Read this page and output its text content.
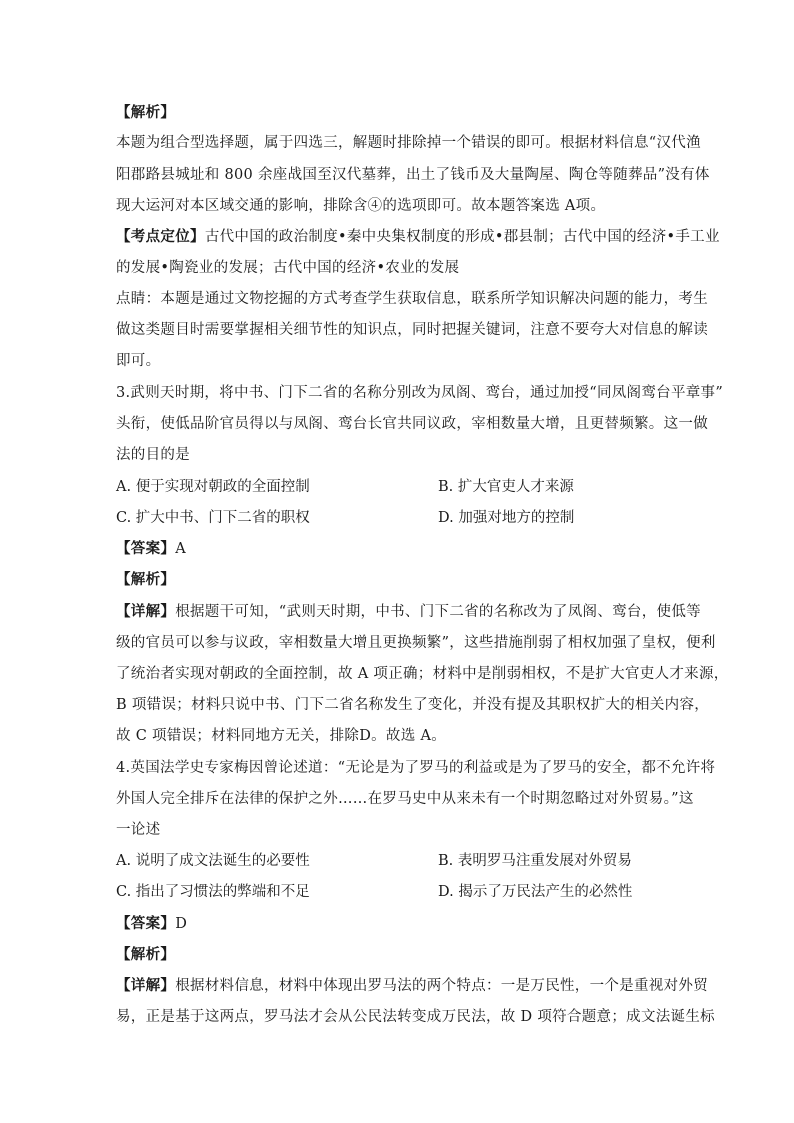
【解析】
本题为组合型选择题，属于四选三，解题时排除掉一个错误的即可。根据材料信息“汉代渔
阳郡路县城址和 800 余座战国至汉代墓葬，出土了钱币及大量陶屋、陶仓等随葬品”没有体
现大运河对本区域交通的影响，排除含④的选项即可。故本题答案选 A项。
【考点定位】古代中国的政治制度•秦中央集权制度的形成•郡县制；古代中国的经济•手工业
的发展•陶瓷业的发展；古代中国的经济•农业的发展
点睛：本题是通过文物挖掘的方式考查学生获取信息，联系所学知识解决问题的能力，考生
做这类题目时需要掌握相关细节性的知识点，同时把握关键词，注意不要夸大对信息的解读
即可。
3.武则天时期，将中书、门下二省的名称分别改为凤阁、鸾台，通过加授“同凤阁鸾台平章事”
头衔，使低品阶官员得以与凤阁、鸾台长官共同议政，宰相数量大增，且更替频繁。这一做
法的目的是
A. 便于实现对朝政的全面控制	B. 扩大官吏人才来源
C. 扩大中书、门下二省的职权	D. 加强对地方的控制
【答案】A
【解析】
【详解】根据题干可知，“武则天时期，中书、门下二省的名称改为了凤阁、鸾台，使低等
级的官员可以参与议政，宰相数量大增且更换频繁”，这些措施削弱了相权加强了皇权，便利
了统治者实现对朝政的全面控制，故 A 项正确；材料中是削弱相权，不是扩大官吏人才来源，
B 项错误；材料只说中书、门下二省名称发生了变化，并没有提及其职权扩大的相关内容，
故 C 项错误；材料同地方无关，排除D。故选 A。
4.英国法学史专家梅因曾论述道：“无论是为了罗马的利益或是为了罗马的安全，都不允许将
外国人完全排斥在法律的保护之外……在罗马史中从来未有一个时期忽略过对外贸易。”这
一论述
A. 说明了成文法诞生的必要性	B. 表明罗马注重发展对外贸易
C. 指出了习惯法的弊端和不足	D. 揭示了万民法产生的必然性
【答案】D
【解析】
【详解】根据材料信息，材料中体现出罗马法的两个特点：一是万民性，一个是重视对外贸
易，正是基于这两点，罗马法才会从公民法转变成万民法，故 D 项符合题意；成文法诞生标
